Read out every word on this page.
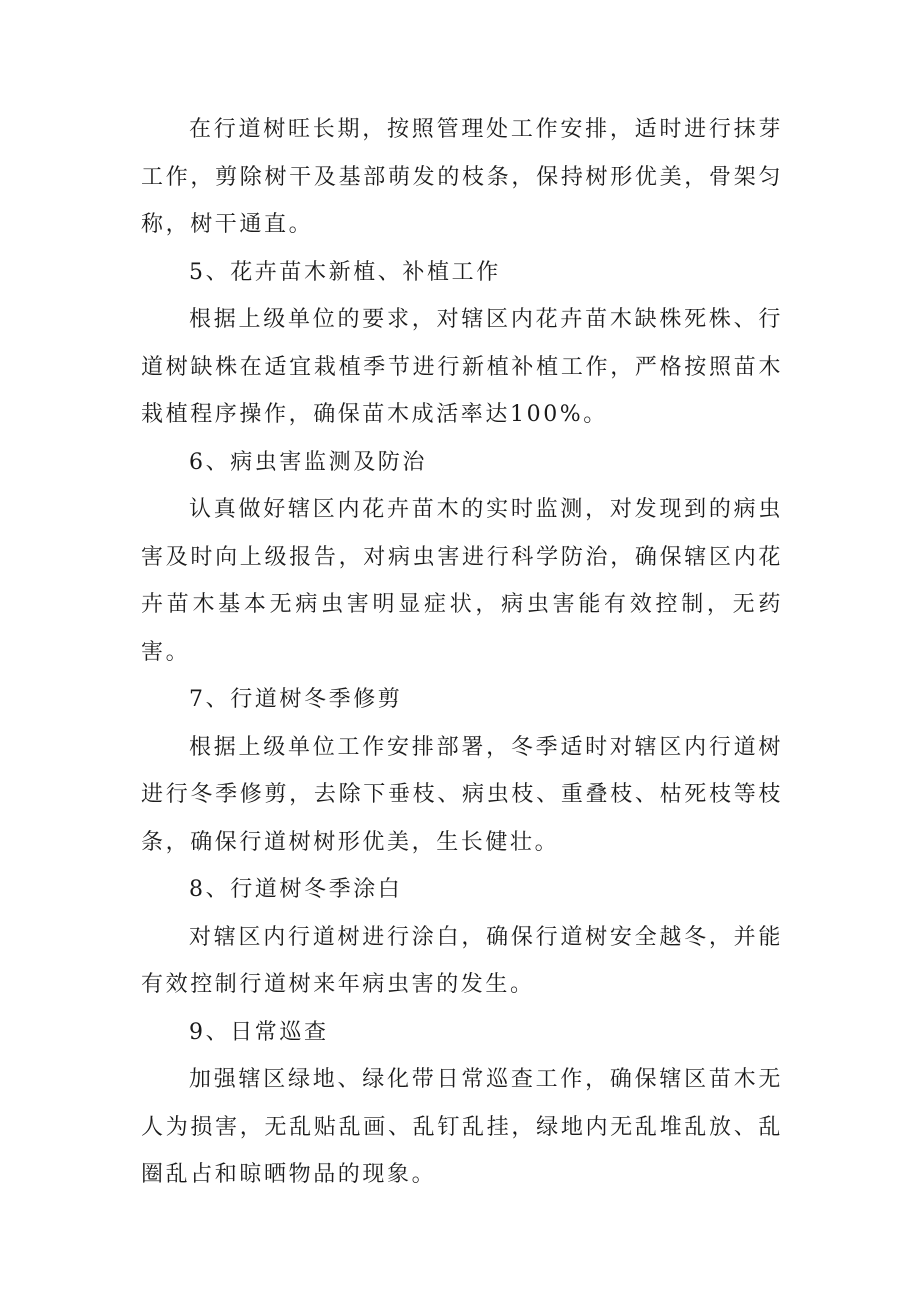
在行道树旺长期，按照管理处工作安排，适时进行抹芽工作，剪除树干及基部萌发的枝条，保持树形优美，骨架匀称，树干通直。

5、花卉苗木新植、补植工作

根据上级单位的要求，对辖区内花卉苗木缺株死株、行道树缺株在适宜栽植季节进行新植补植工作，严格按照苗木栽植程序操作，确保苗木成活率达100%。

6、病虫害监测及防治

认真做好辖区内花卉苗木的实时监测，对发现到的病虫害及时向上级报告，对病虫害进行科学防治，确保辖区内花卉苗木基本无病虫害明显症状，病虫害能有效控制，无药害。

7、行道树冬季修剪

根据上级单位工作安排部署，冬季适时对辖区内行道树进行冬季修剪，去除下垂枝、病虫枝、重叠枝、枯死枝等枝条，确保行道树树形优美，生长健壮。

8、行道树冬季涂白

对辖区内行道树进行涂白，确保行道树安全越冬，并能有效控制行道树来年病虫害的发生。

9、日常巡查

加强辖区绿地、绿化带日常巡查工作，确保辖区苗木无人为损害，无乱贴乱画、乱钉乱挂，绿地内无乱堆乱放、乱圈乱占和晾晒物品的现象。
